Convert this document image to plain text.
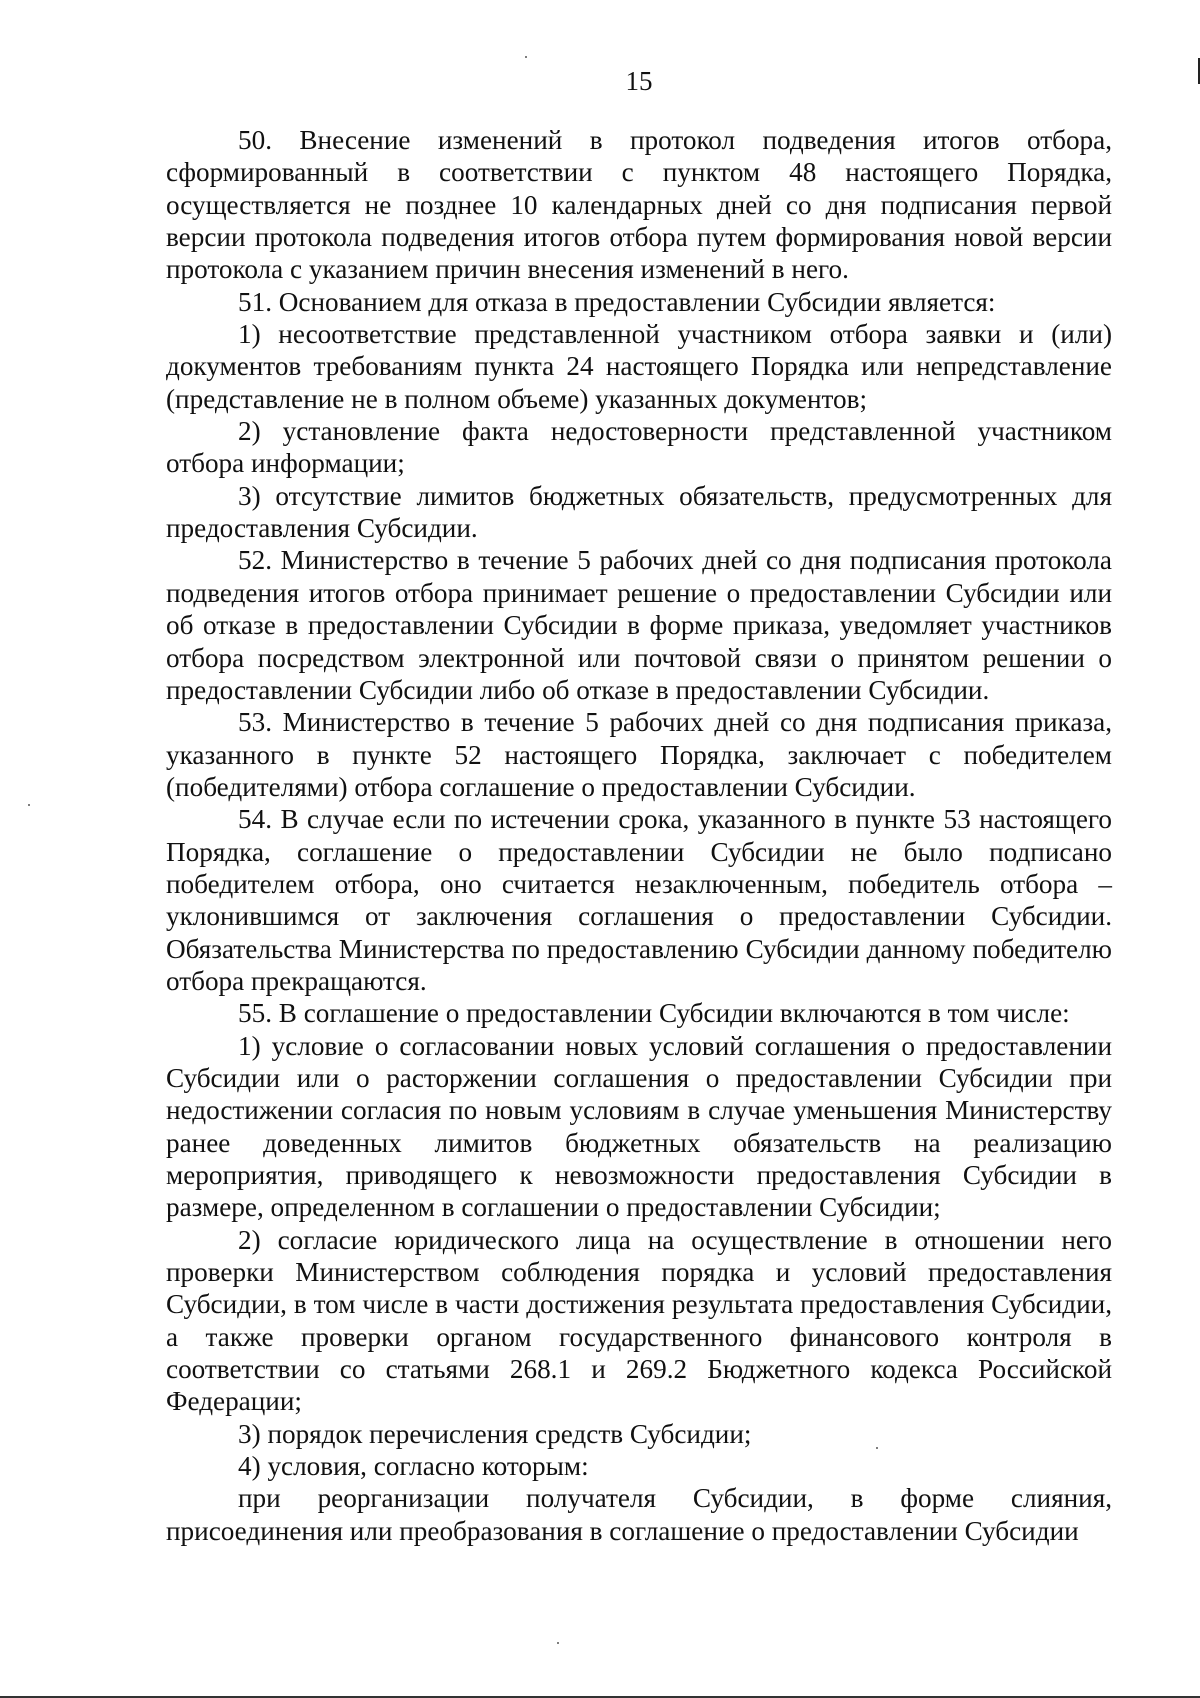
15

50. Внесение изменений в протокол подведения итогов отбора, сформированный в соответствии с пунктом 48 настоящего Порядка, осуществляется не позднее 10 календарных дней со дня подписания первой версии протокола подведения итогов отбора путем формирования новой версии протокола с указанием причин внесения изменений в него.

51. Основанием для отказа в предоставлении Субсидии является:

1) несоответствие представленной участником отбора заявки и (или) документов требованиям пункта 24 настоящего Порядка или непредставление (представление не в полном объеме) указанных документов;

2) установление факта недостоверности представленной участником отбора информации;

3) отсутствие лимитов бюджетных обязательств, предусмотренных для предоставления Субсидии.

52. Министерство в течение 5 рабочих дней со дня подписания протокола подведения итогов отбора принимает решение о предоставлении Субсидии или об отказе в предоставлении Субсидии в форме приказа, уведомляет участников отбора посредством электронной или почтовой связи о принятом решении о предоставлении Субсидии либо об отказе в предоставлении Субсидии.

53. Министерство в течение 5 рабочих дней со дня подписания приказа, указанного в пункте 52 настоящего Порядка, заключает с победителем (победителями) отбора соглашение о предоставлении Субсидии.

54. В случае если по истечении срока, указанного в пункте 53 настоящего Порядка, соглашение о предоставлении Субсидии не было подписано победителем отбора, оно считается незаключенным, победитель отбора – уклонившимся от заключения соглашения о предоставлении Субсидии. Обязательства Министерства по предоставлению Субсидии данному победителю отбора прекращаются.

55. В соглашение о предоставлении Субсидии включаются в том числе:

1) условие о согласовании новых условий соглашения о предоставлении Субсидии или о расторжении соглашения о предоставлении Субсидии при недостижении согласия по новым условиям в случае уменьшения Министерству ранее доведенных лимитов бюджетных обязательств на реализацию мероприятия, приводящего к невозможности предоставления Субсидии в размере, определенном в соглашении о предоставлении Субсидии;

2) согласие юридического лица на осуществление в отношении него проверки Министерством соблюдения порядка и условий предоставления Субсидии, в том числе в части достижения результата предоставления Субсидии, а также проверки органом государственного финансового контроля в соответствии со статьями 268.1 и 269.2 Бюджетного кодекса Российской Федерации;

3) порядок перечисления средств Субсидии;

4) условия, согласно которым:

при реорганизации получателя Субсидии, в форме слияния, присоединения или преобразования в соглашение о предоставлении Субсидии
